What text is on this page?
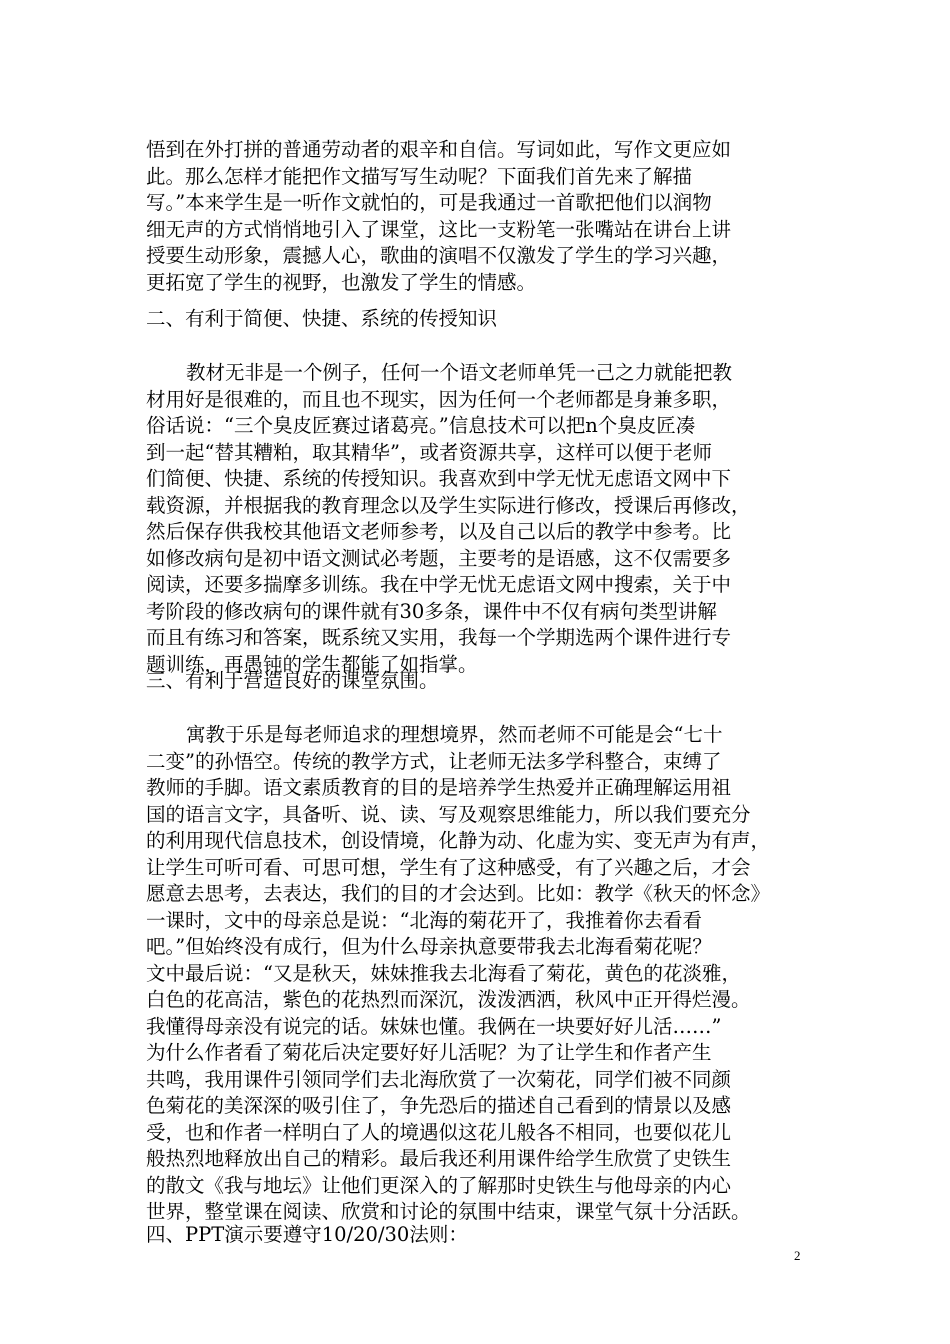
悟到在外打拼的普通劳动者的艰辛和自信。写词如此，写作文更应如
此。那么怎样才能把作文描写写生动呢？下面我们首先来了解描
写。”本来学生是一听作文就怕的，可是我通过一首歌把他们以润物
细无声的方式悄悄地引入了课堂，这比一支粉笔一张嘴站在讲台上讲
授要生动形象，震撼人心，歌曲的演唱不仅激发了学生的学习兴趣，
更拓宽了学生的视野，也激发了学生的情感。
二、有利于简便、快捷、系统的传授知识
教材无非是一个例子，任何一个语文老师单凭一己之力就能把教
材用好是很难的，而且也不现实，因为任何一个老师都是身兼多职，
俗话说：“三个臭皮匠赛过诸葛亮。”信息技术可以把n个臭皮匠凑
到一起“替其糟粕，取其精华”，或者资源共享，这样可以便于老师
们简便、快捷、系统的传授知识。我喜欢到中学无忧无虑语文网中下
载资源，并根据我的教育理念以及学生实际进行修改，授课后再修改，
然后保存供我校其他语文老师参考，以及自己以后的教学中参考。比
如修改病句是初中语文测试必考题，主要考的是语感，这不仅需要多
阅读，还要多揣摩多训练。我在中学无忧无虑语文网中搜索，关于中
考阶段的修改病句的课件就有30多条，课件中不仅有病句类型讲解
而且有练习和答案，既系统又实用，我每一个学期选两个课件进行专
题训练，再愚钝的学生都能了如指掌。
三、有利于营造良好的课堂氛围。
寓教于乐是每老师追求的理想境界，然而老师不可能是会“七十
二变”的孙悟空。传统的教学方式，让老师无法多学科整合，束缚了
教师的手脚。语文素质教育的目的是培养学生热爱并正确理解运用祖
国的语言文字，具备听、说、读、写及观察思维能力，所以我们要充分
的利用现代信息技术，创设情境，化静为动、化虚为实、变无声为有声，
让学生可听可看、可思可想，学生有了这种感受，有了兴趣之后，才会
愿意去思考，去表达，我们的目的才会达到。比如：教学《秋天的怀念》
一课时，文中的母亲总是说：“北海的菊花开了，我推着你去看看
吧。”但始终没有成行，但为什么母亲执意要带我去北海看菊花呢？
文中最后说：“又是秋天，妹妹推我去北海看了菊花，黄色的花淡雅，
白色的花高洁，紫色的花热烈而深沉，泼泼洒洒，秋风中正开得烂漫。
我懂得母亲没有说完的话。妹妹也懂。我俩在一块要好好儿活……”
为什么作者看了菊花后决定要好好儿活呢？为了让学生和作者产生
共鸣，我用课件引领同学们去北海欣赏了一次菊花，同学们被不同颜
色菊花的美深深的吸引住了，争先恐后的描述自己看到的情景以及感
受，也和作者一样明白了人的境遇似这花儿般各不相同，也要似花儿
般热烈地释放出自己的精彩。最后我还利用课件给学生欣赏了史铁生
的散文《我与地坛》让他们更深入的了解那时史铁生与他母亲的内心
世界，整堂课在阅读、欣赏和讨论的氛围中结束，课堂气氛十分活跃。
四、PPT演示要遵守10/20/30法则：
2
